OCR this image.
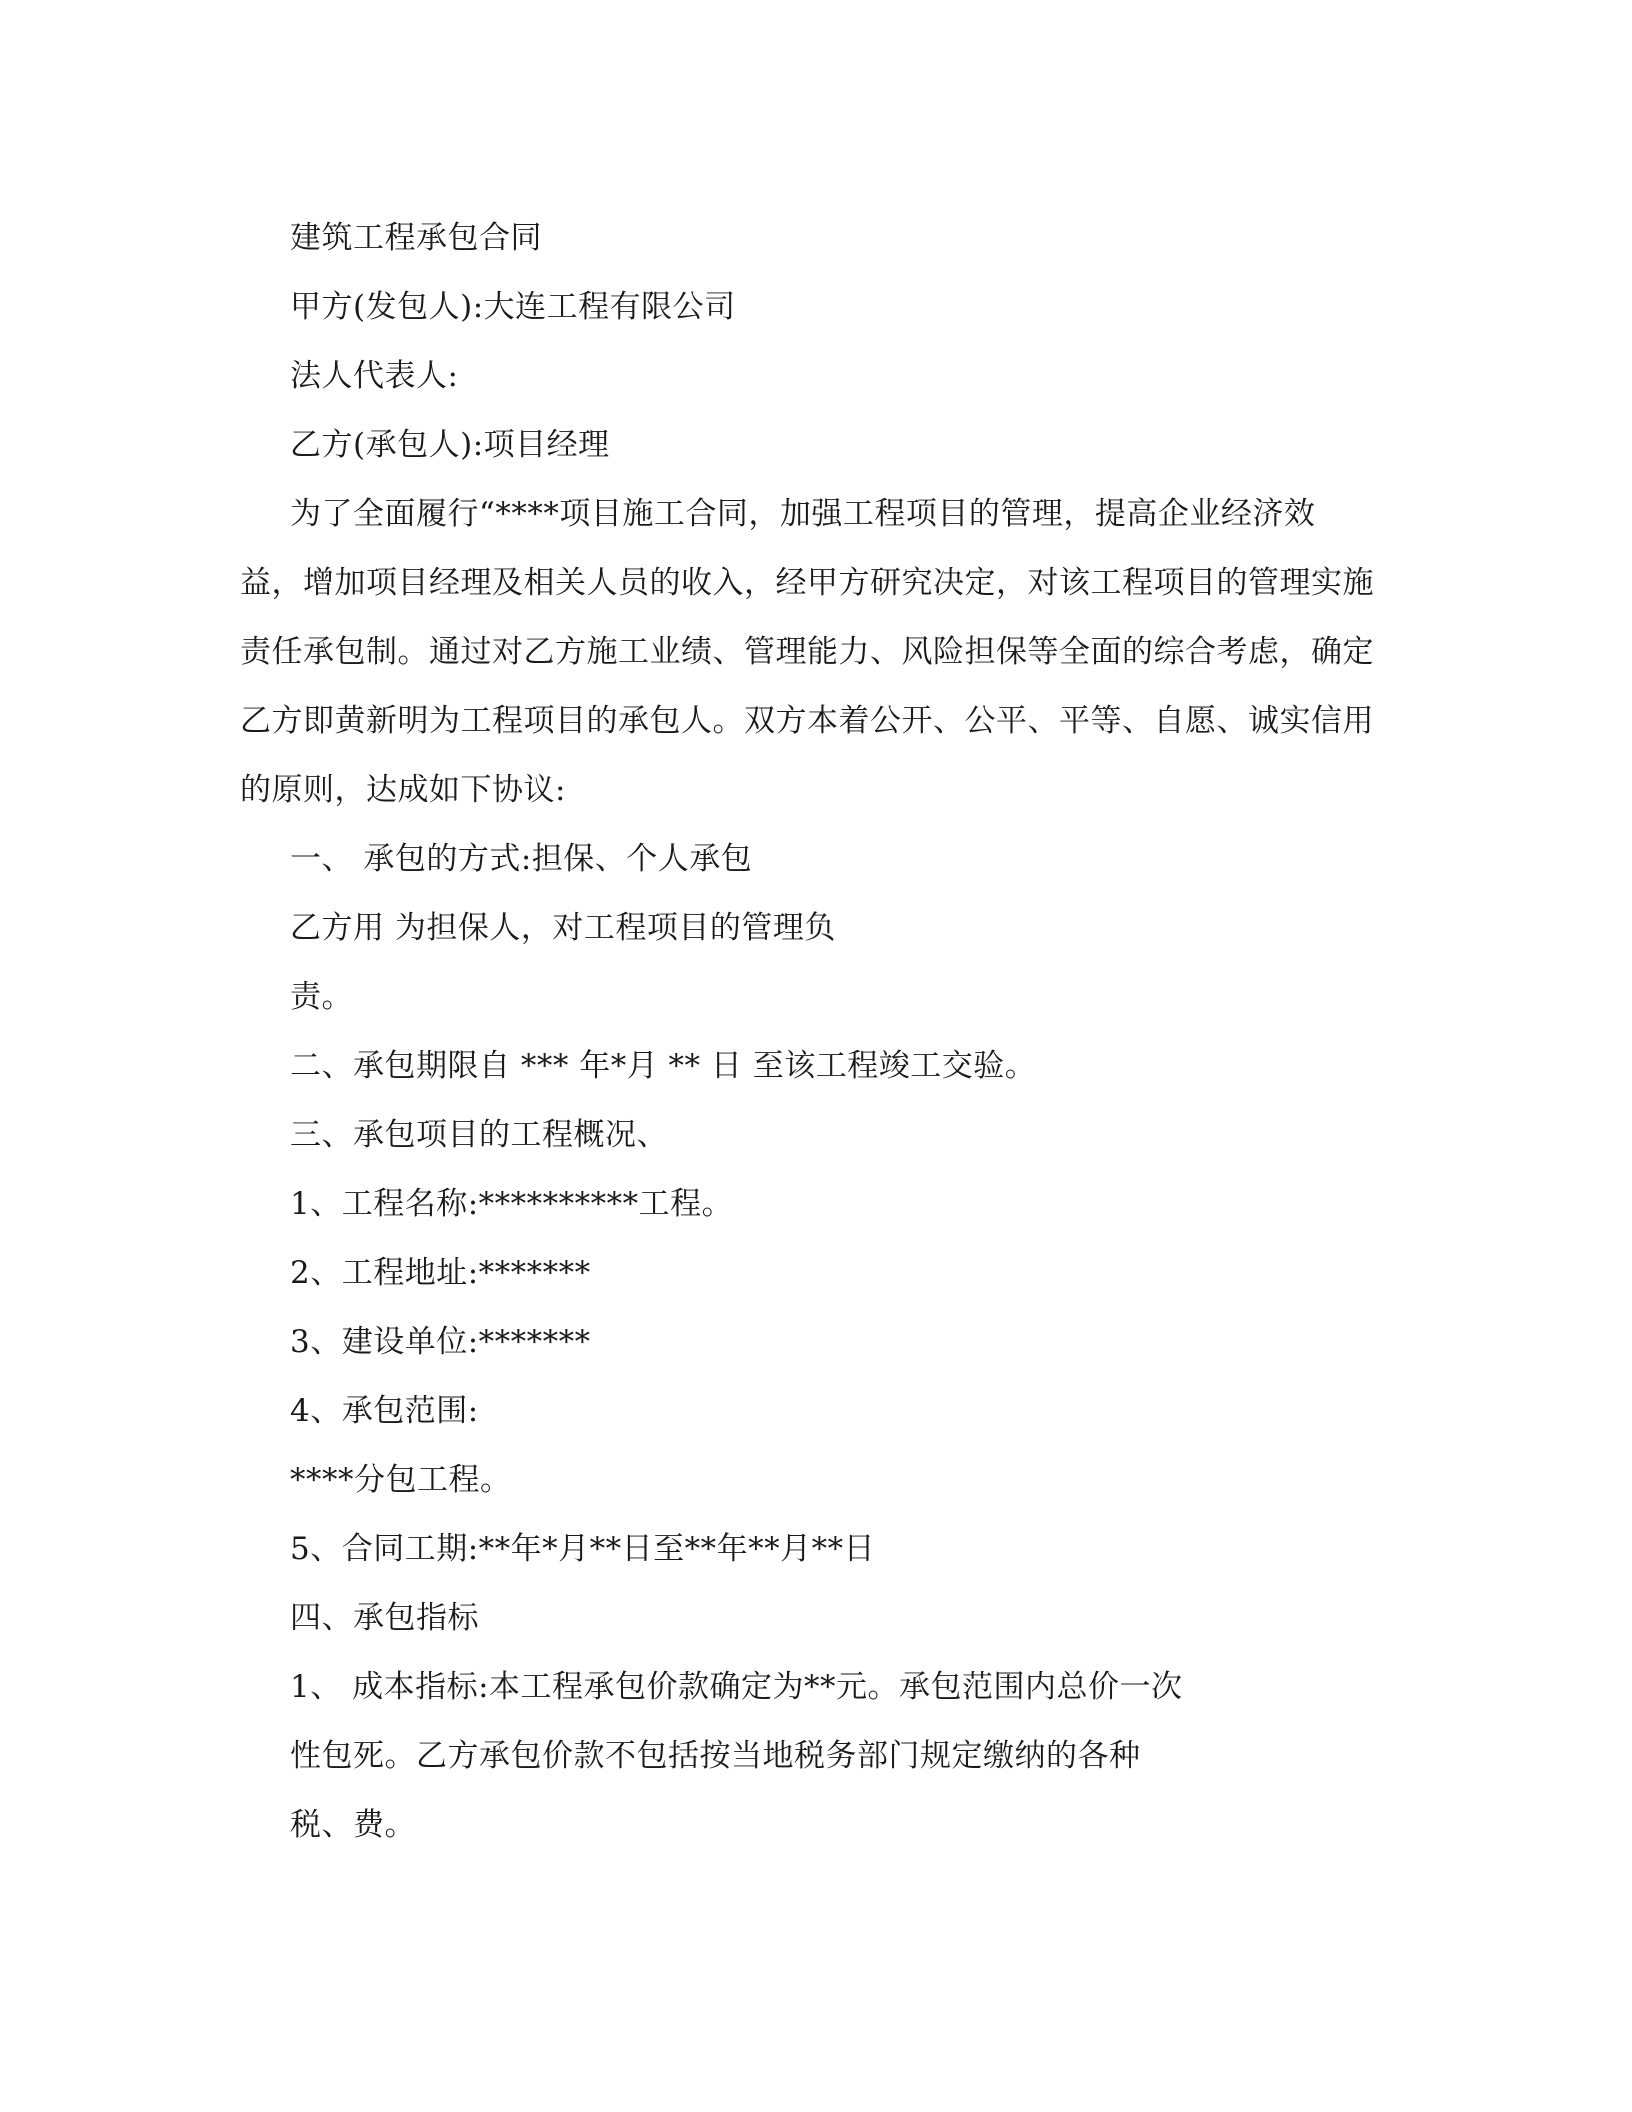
建筑工程承包合同
甲方(发包人):大连工程有限公司
法人代表人:
乙方(承包人):项目经理
为了全面履行“****项目施工合同，加强工程项目的管理，提高企业经济效
益，增加项目经理及相关人员的收入，经甲方研究决定，对该工程项目的管理实施
责任承包制。通过对乙方施工业绩、管理能力、风险担保等全面的综合考虑，确定
乙方即黄新明为工程项目的承包人。双方本着公开、公平、平等、自愿、诚实信用
的原则，达成如下协议:
一、 承包的方式:担保、个人承包
乙方用 为担保人，对工程项目的管理负
责。
二、承包期限自 *** 年*月 ** 日 至该工程竣工交验。
三、承包项目的工程概况、
1、工程名称:**********工程。
2、工程地址:*******
3、建设单位:*******
4、承包范围:
****分包工程。
5、合同工期:**年*月**日至**年**月**日
四、承包指标
1、 成本指标:本工程承包价款确定为**元。承包范围内总价一次
性包死。乙方承包价款不包括按当地税务部门规定缴纳的各种
税、费。
